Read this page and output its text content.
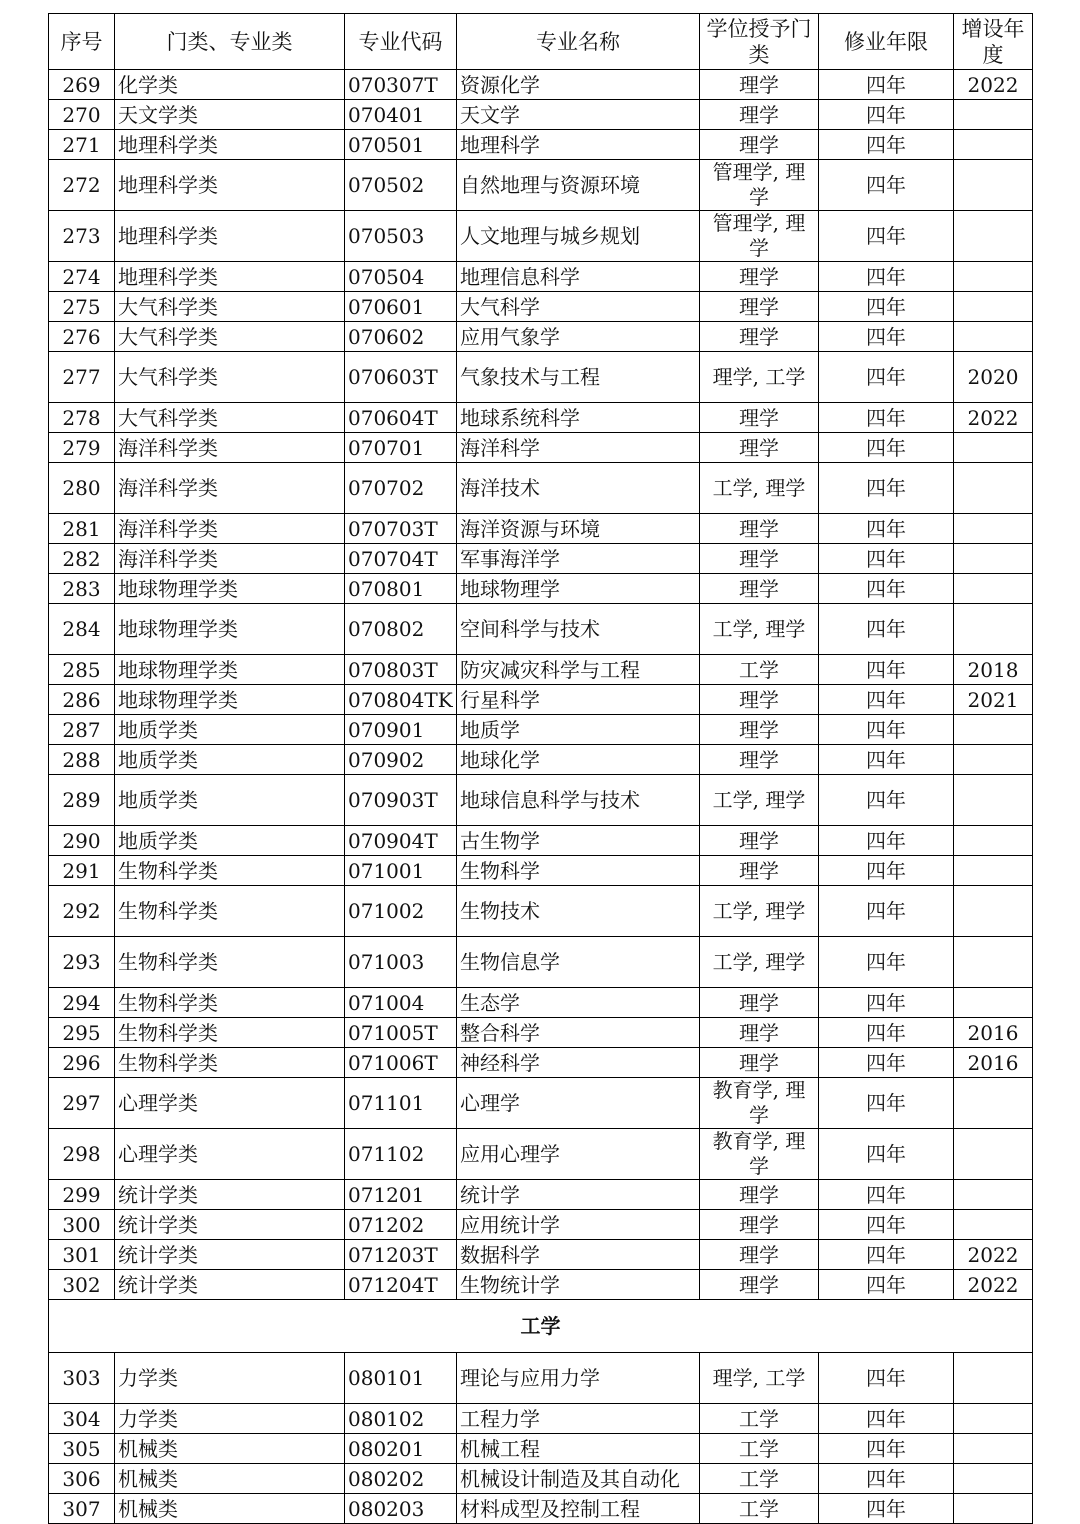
序号	门类、专业类	专业代码	专业名称	学位授予门类	修业年限	增设年度
269	化学类	070307T	资源化学	理学	四年	2022
270	天文学类	070401	天文学	理学	四年	
271	地理科学类	070501	地理科学	理学	四年	
272	地理科学类	070502	自然地理与资源环境	管理学, 理学	四年	
273	地理科学类	070503	人文地理与城乡规划	管理学, 理学	四年	
274	地理科学类	070504	地理信息科学	理学	四年	
275	大气科学类	070601	大气科学	理学	四年	
276	大气科学类	070602	应用气象学	理学	四年	
277	大气科学类	070603T	气象技术与工程	理学, 工学	四年	2020
278	大气科学类	070604T	地球系统科学	理学	四年	2022
279	海洋科学类	070701	海洋科学	理学	四年	
280	海洋科学类	070702	海洋技术	工学, 理学	四年	
281	海洋科学类	070703T	海洋资源与环境	理学	四年	
282	海洋科学类	070704T	军事海洋学	理学	四年	
283	地球物理学类	070801	地球物理学	理学	四年	
284	地球物理学类	070802	空间科学与技术	工学, 理学	四年	
285	地球物理学类	070803T	防灾减灾科学与工程	工学	四年	2018
286	地球物理学类	070804TK	行星科学	理学	四年	2021
287	地质学类	070901	地质学	理学	四年	
288	地质学类	070902	地球化学	理学	四年	
289	地质学类	070903T	地球信息科学与技术	工学, 理学	四年	
290	地质学类	070904T	古生物学	理学	四年	
291	生物科学类	071001	生物科学	理学	四年	
292	生物科学类	071002	生物技术	工学, 理学	四年	
293	生物科学类	071003	生物信息学	工学, 理学	四年	
294	生物科学类	071004	生态学	理学	四年	
295	生物科学类	071005T	整合科学	理学	四年	2016
296	生物科学类	071006T	神经科学	理学	四年	2016
297	心理学类	071101	心理学	教育学, 理学	四年	
298	心理学类	071102	应用心理学	教育学, 理学	四年	
299	统计学类	071201	统计学	理学	四年	
300	统计学类	071202	应用统计学	理学	四年	
301	统计学类	071203T	数据科学	理学	四年	2022
302	统计学类	071204T	生物统计学	理学	四年	2022
工学						
303	力学类	080101	理论与应用力学	理学, 工学	四年	
304	力学类	080102	工程力学	工学	四年	
305	机械类	080201	机械工程	工学	四年	
306	机械类	080202	机械设计制造及其自动化	工学	四年	
307	机械类	080203	材料成型及控制工程	工学	四年	
